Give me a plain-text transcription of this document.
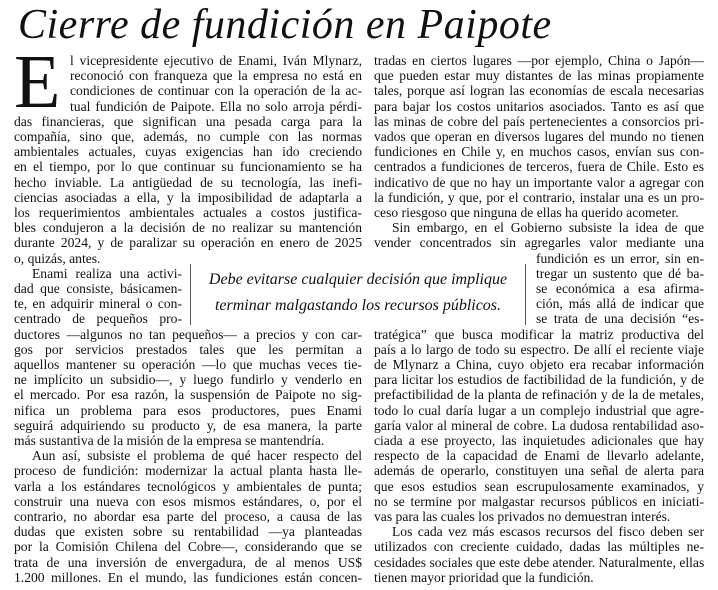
Cierre de fundición en Paipote
E

Debe evitarse cualquier decisión que implique

terminar malgastando los recursos públicos.

l vicepresidente ejecutivo de Enami, Iván Mlynarz,
reconoció con franqueza que la empresa no está en
condiciones de continuar con la operación de la ac-
tual fundición de Paipote. Ella no solo arroja pérdi-
das financieras, que significan una pesada carga para la
compañía, sino que, además, no cumple con las normas
ambientales actuales, cuyas exigencias han ido creciendo
en el tiempo, por lo que continuar su funcionamiento se ha
hecho inviable. La antigüedad de su tecnología, las inefi-
ciencias asociadas a ella, y la imposibilidad de adaptarla a
los requerimientos ambientales actuales a costos justifica-
bles condujeron a la decisión de no realizar su mantención
durante 2024, y de paralizar su operación en enero de 2025
o, quizás, antes.
Enami realiza una activi-
dad que consiste, básicamen-
te, en adquirir mineral o con-
centrado de pequeños pro-
ductores —algunos no tan pequeños— a precios y con car-
gos por servicios prestados tales que les permitan a
aquellos mantener su operación —lo que muchas veces tie-
ne implícito un subsidio—, y luego fundirlo y venderlo en
el mercado. Por esa razón, la suspensión de Paipote no sig-
nifica un problema para esos productores, pues Enami
seguirá adquiriendo su producto y, de esa manera, la parte
más sustantiva de la misión de la empresa se mantendría.
tradas en ciertos lugares —por ejemplo, China o Japón—
que pueden estar muy distantes de las minas propiamente
tales, porque así logran las economías de escala necesarias
para bajar los costos unitarios asociados. Tanto es así que
las minas de cobre del país pertenecientes a consorcios pri-
vados que operan en diversos lugares del mundo no tienen
fundiciones en Chile y, en muchos casos, envían sus con-
centrados a fundiciones de terceros, fuera de Chile. Esto es
indicativo de que no hay un importante valor a agregar con
la fundición, y que, por el contrario, instalar una es un pro-
ceso riesgoso que ninguna de ellas ha querido acometer.
Sin embargo, en el Gobierno subsiste la idea de que
vender concentrados sin agregarles valor mediante una
fundición es un error, sin en-
tregar un sustento que dé ba-
se económica a esa afirma-
ción, más allá de indicar que
se trata de una decisión “es-
tratégica” que busca modificar la matriz productiva del
país a lo largo de todo su espectro. De allí el reciente viaje
de Mlynarz a China, cuyo objeto era recabar información
para licitar los estudios de factibilidad de la fundición, y de
prefactibilidad de la planta de refinación y de la de metales,
todo lo cual daría lugar a un complejo industrial que agre-
garía valor al mineral de cobre. La dudosa rentabilidad aso-
ciada a ese proyecto, las inquietudes adicionales que hay
respecto de la capacidad de Enami de llevarlo adelante,
además de operarlo, constituyen una señal de alerta para
que esos estudios sean escrupulosamente examinados, y
no se termine por malgastar recursos públicos en iniciati-
vas para las cuales los privados no demuestran interés.
Aun así, subsiste el problema de qué hacer respecto del
proceso de fundición: modernizar la actual planta hasta lle-
varla a los estándares tecnológicos y ambientales de punta;
construir una nueva con esos mismos estándares, o, por el
contrario, no abordar esa parte del proceso, a causa de las
dudas que existen sobre su rentabilidad —ya planteadas
por la Comisión Chilena del Cobre—, considerando que se
trata de una inversión de envergadura, de al menos US$
1.200 millones. En el mundo, las fundiciones están concen-
Los cada vez más escasos recursos del fisco deben ser
utilizados con creciente cuidado, dadas las múltiples ne-
cesidades sociales que este debe atender. Naturalmente, ellas
tienen mayor prioridad que la fundición.
